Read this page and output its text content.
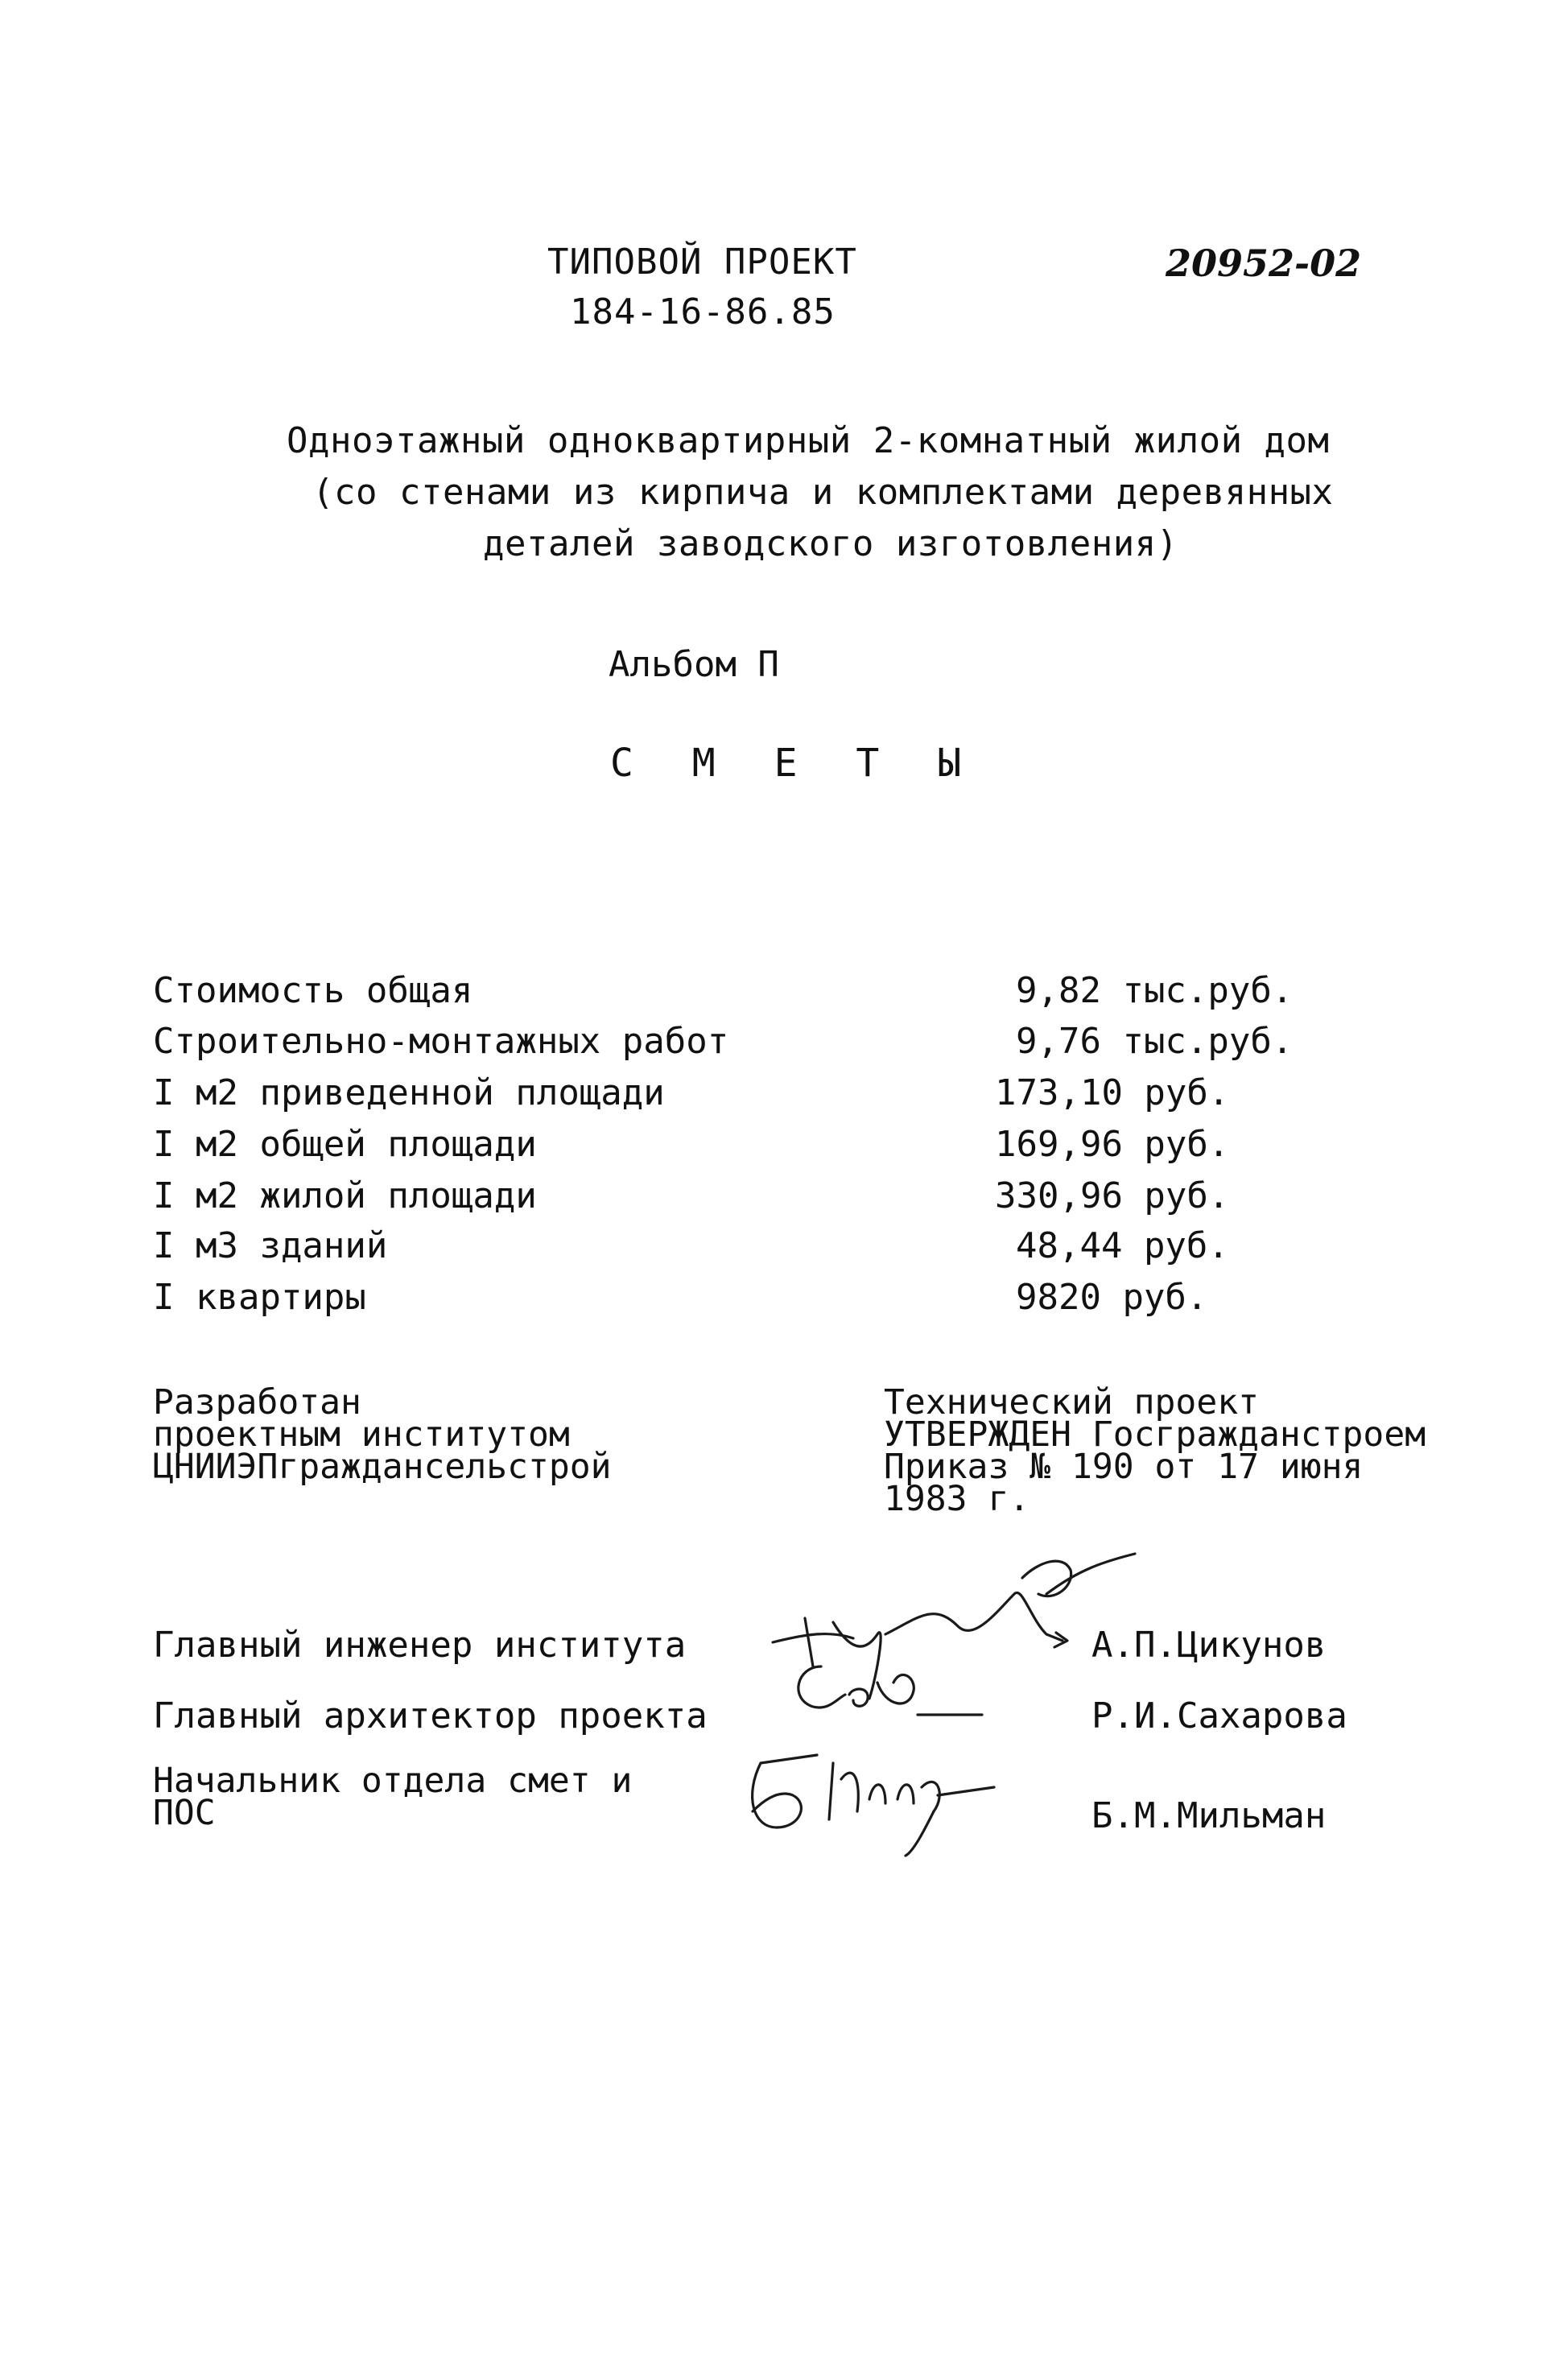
ТИПОВОЙ ПРОЕКТ
184-16-86.85
20952-02
Одноэтажный одноквартирный 2-комнатный жилой дом
(со стенами из кирпича и комплектами деревянных
деталей заводского изготовления)
Альбом П
С М Е Т Ы
Стоимость общая	9,82 тыс.руб.
Строительно-монтажных работ	9,76 тыс.руб.
I м2 приведенной площади	173,10 руб.
I м2 общей площади	169,96 руб.
I м2 жилой площади	330,96 руб.
I м3 зданий	48,44 руб.
I квартиры	9820 руб.
Разработан
проектным институтом
ЦНИИЭПграждансельстрой
Технический проект
УТВЕРЖДЕН Госгражданстроем
Приказ № 190 от 17 июня
1983 г.
Главный инженер института	А.П.Цикунов
Главный архитектор проекта	Р.И.Сахарова
Начальник отдела смет и
ПОС	Б.М.Мильман
